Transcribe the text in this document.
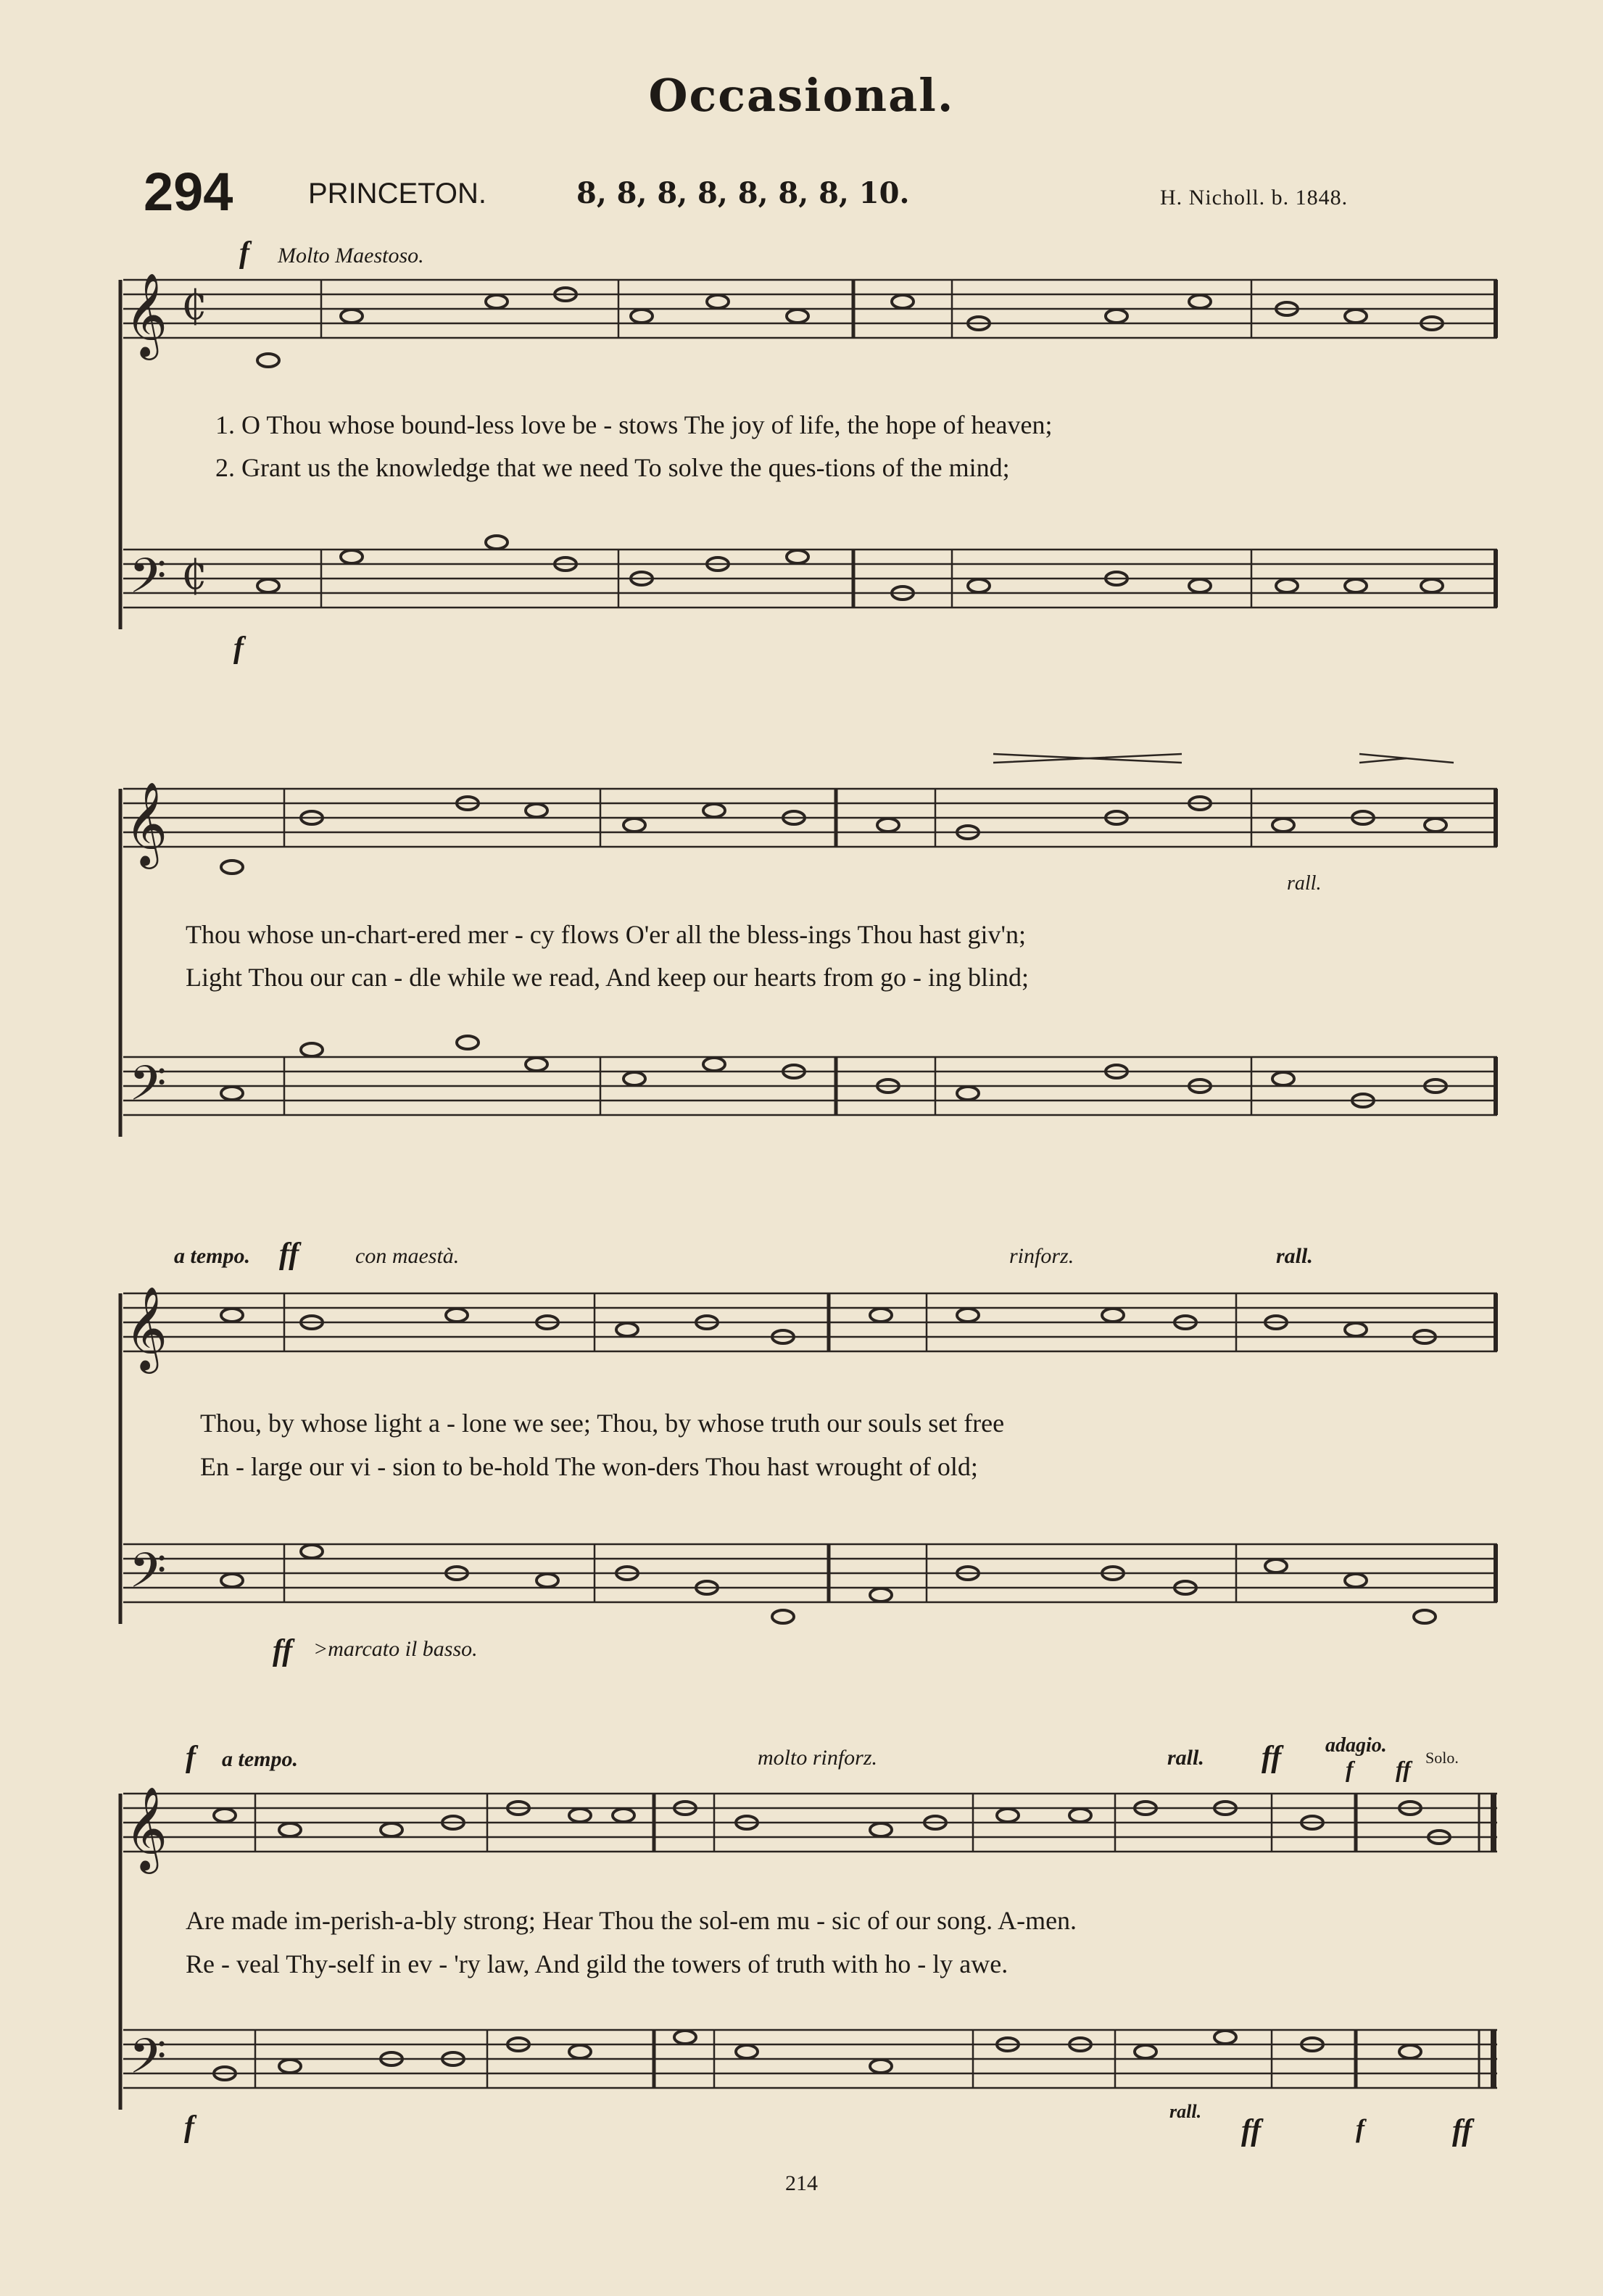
Occasional.
294	PRINCETON.	8, 8, 8, 8, 8, 8, 8, 10.	H. Nicholl. b. 1848.
f Molto Maestoso.
1. O Thou whose bound-less love be - stows The joy of life, the hope of heaven;
2. Grant us the knowledge that we need To solve the ques-tions of the mind;
f
rall.
Thou whose un-chart-ered mer - cy flows O'er all the bless-ings Thou hast giv'n;
Light Thou our can - dle while we read, And keep our hearts from go - ing blind;
a tempo. ff	con maestà.	rinforz.	rall.
Thou, by whose light a - lone we see; Thou, by whose truth our souls set free
En - large our vi - sion to be-hold The won-ders Thou hast wrought of old;
ff >marcato il basso.
f a tempo.	molto rinforz.	rall. ff adagio.
f ff Solo.
Are made im-perish-a-bly strong; Hear Thou the sol-em mu - sic of our song. A-men.
Re - veal Thy-self in ev - 'ry law, And gild the towers of truth with ho - ly awe.
f	rall.
ff	f	ff
214
𝄞
𝄢
₵
₵
𝄞
𝄢
𝄞
𝄢
𝄞
𝄢
